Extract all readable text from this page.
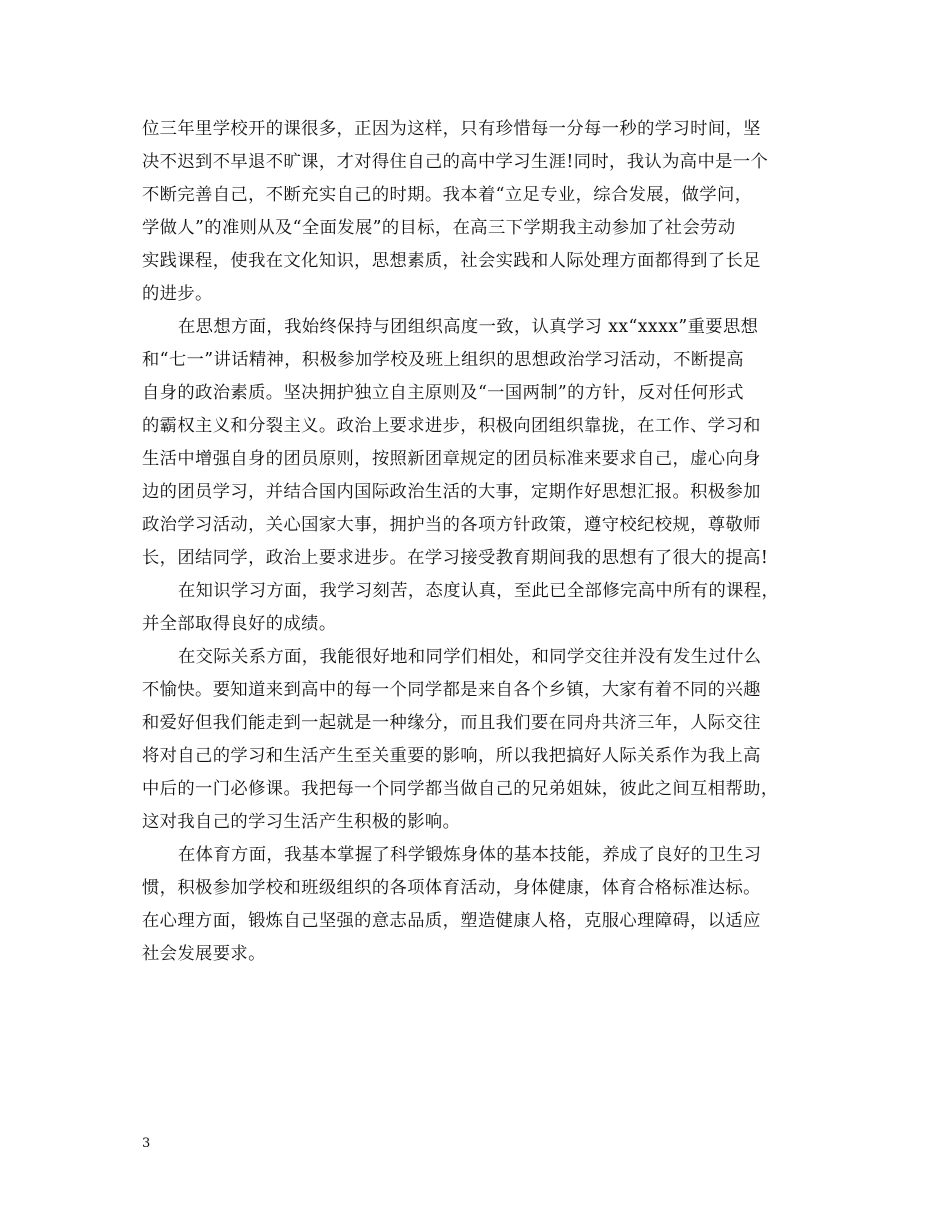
位三年里学校开的课很多，正因为这样，只有珍惜每一分每一秒的学习时间，坚
决不迟到不早退不旷课，才对得住自己的高中学习生涯!同时，我认为高中是一个
不断完善自己，不断充实自己的时期。我本着“立足专业，综合发展，做学问，
学做人”的准则从及“全面发展”的目标，在高三下学期我主动参加了社会劳动
实践课程，使我在文化知识，思想素质，社会实践和人际处理方面都得到了长足
的进步。
在思想方面，我始终保持与团组织高度一致，认真学习 xx“xxxx”重要思想
和“七一”讲话精神，积极参加学校及班上组织的思想政治学习活动，不断提高
自身的政治素质。坚决拥护独立自主原则及“一国两制”的方针，反对任何形式
的霸权主义和分裂主义。政治上要求进步，积极向团组织靠拢，在工作、学习和
生活中增强自身的团员原则，按照新团章规定的团员标准来要求自己，虚心向身
边的团员学习，并结合国内国际政治生活的大事，定期作好思想汇报。积极参加
政治学习活动，关心国家大事，拥护当的各项方针政策，遵守校纪校规，尊敬师
长，团结同学，政治上要求进步。在学习接受教育期间我的思想有了很大的提高!
在知识学习方面，我学习刻苦，态度认真，至此已全部修完高中所有的课程，
并全部取得良好的成绩。
在交际关系方面，我能很好地和同学们相处，和同学交往并没有发生过什么
不愉快。要知道来到高中的每一个同学都是来自各个乡镇，大家有着不同的兴趣
和爱好但我们能走到一起就是一种缘分，而且我们要在同舟共济三年，人际交往
将对自己的学习和生活产生至关重要的影响，所以我把搞好人际关系作为我上高
中后的一门必修课。我把每一个同学都当做自己的兄弟姐妹，彼此之间互相帮助，
这对我自己的学习生活产生积极的影响。
在体育方面，我基本掌握了科学锻炼身体的基本技能，养成了良好的卫生习
惯，积极参加学校和班级组织的各项体育活动，身体健康，体育合格标准达标。
在心理方面，锻炼自己坚强的意志品质，塑造健康人格，克服心理障碍，以适应
社会发展要求。
3
